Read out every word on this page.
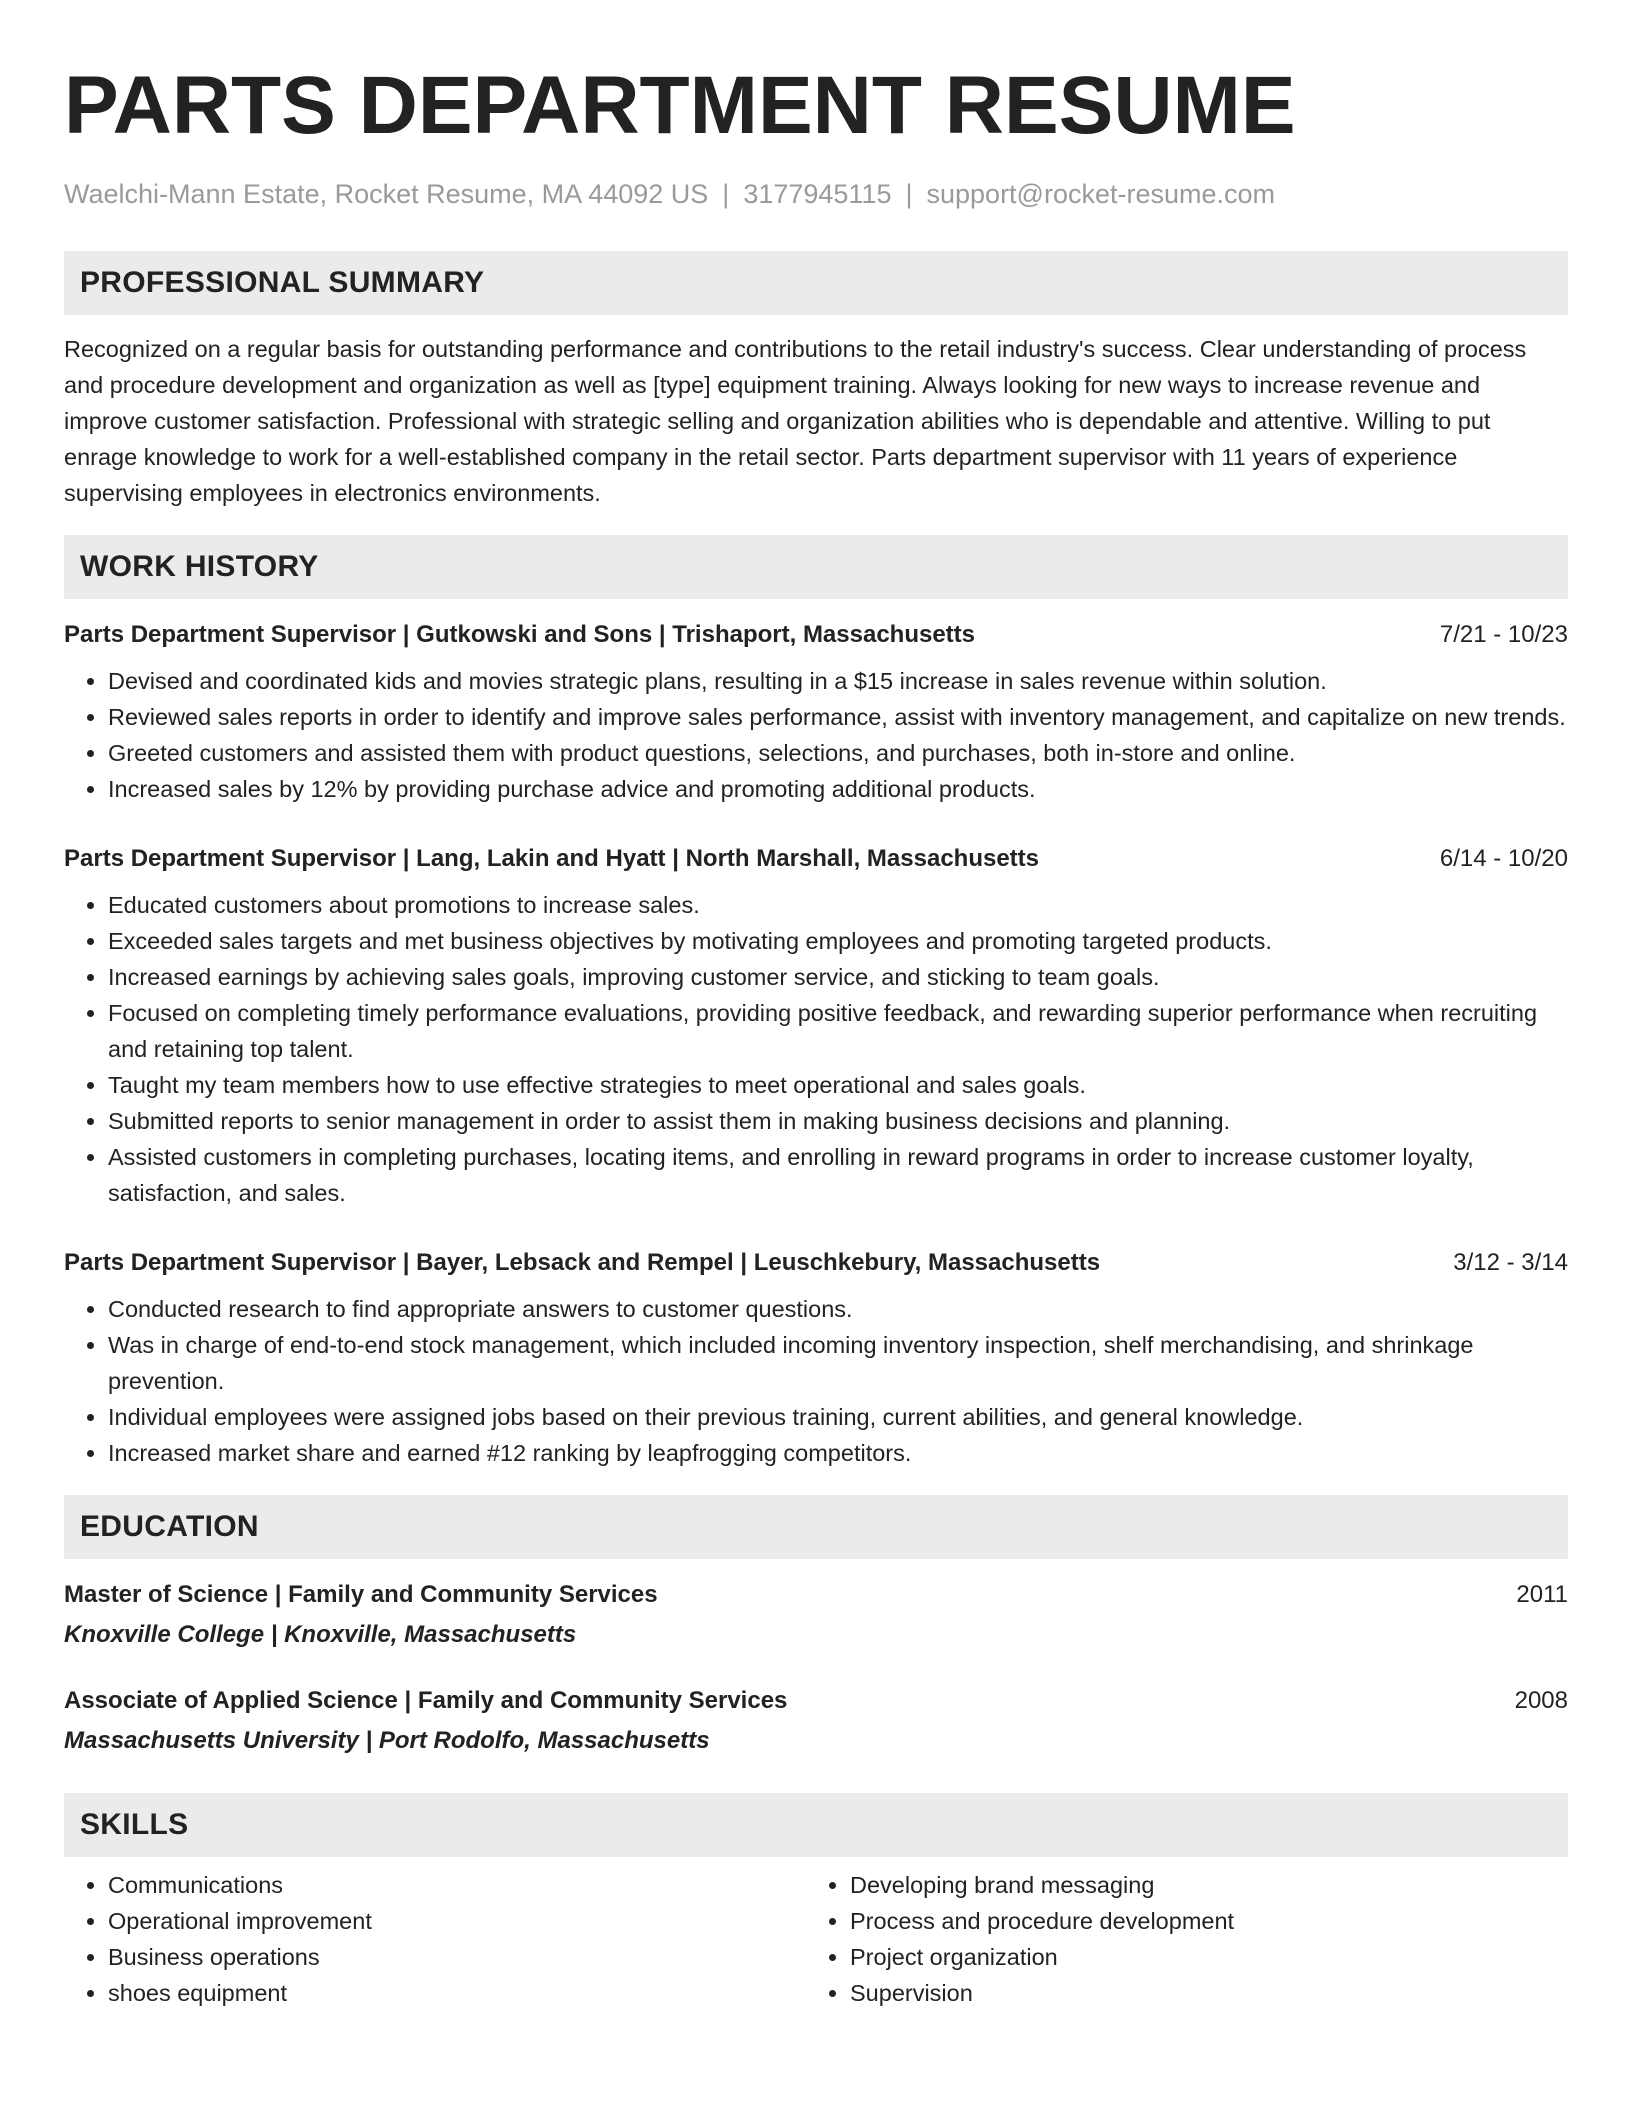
PARTS DEPARTMENT RESUME
Waelchi-Mann Estate, Rocket Resume, MA 44092 US | 3177945115 | support@rocket-resume.com
PROFESSIONAL SUMMARY

Recognized on a regular basis for outstanding performance and contributions to the retail industry's success. Clear understanding of process and procedure development and organization as well as [type] equipment training. Always looking for new ways to increase revenue and improve customer satisfaction. Professional with strategic selling and organization abilities who is dependable and attentive. Willing to put enrage knowledge to work for a well-established company in the retail sector. Parts department supervisor with 11 years of experience supervising employees in electronics environments.

WORK HISTORY
Parts Department Supervisor | Gutkowski and Sons | Trishaport, Massachusetts	7/21 - 10/23
• Devised and coordinated kids and movies strategic plans, resulting in a $15 increase in sales revenue within solution.
• Reviewed sales reports in order to identify and improve sales performance, assist with inventory management, and capitalize on new trends.
• Greeted customers and assisted them with product questions, selections, and purchases, both in-store and online.
• Increased sales by 12% by providing purchase advice and promoting additional products.
Parts Department Supervisor | Lang, Lakin and Hyatt | North Marshall, Massachusetts	6/14 - 10/20
• Educated customers about promotions to increase sales.
• Exceeded sales targets and met business objectives by motivating employees and promoting targeted products.
• Increased earnings by achieving sales goals, improving customer service, and sticking to team goals.
• Focused on completing timely performance evaluations, providing positive feedback, and rewarding superior performance when recruiting and retaining top talent.
• Taught my team members how to use effective strategies to meet operational and sales goals.
• Submitted reports to senior management in order to assist them in making business decisions and planning.
• Assisted customers in completing purchases, locating items, and enrolling in reward programs in order to increase customer loyalty, satisfaction, and sales.
Parts Department Supervisor | Bayer, Lebsack and Rempel | Leuschkebury, Massachusetts	3/12 - 3/14
• Conducted research to find appropriate answers to customer questions.
• Was in charge of end-to-end stock management, which included incoming inventory inspection, shelf merchandising, and shrinkage prevention.
• Individual employees were assigned jobs based on their previous training, current abilities, and general knowledge.
• Increased market share and earned #12 ranking by leapfrogging competitors.
EDUCATION
Master of Science | Family and Community Services	2011
Knoxville College | Knoxville, Massachusetts
Associate of Applied Science | Family and Community Services	2008
Massachusetts University | Port Rodolfo, Massachusetts
SKILLS
• Communications
• Operational improvement
• Business operations
• shoes equipment
• Developing brand messaging
• Process and procedure development
• Project organization
• Supervision
